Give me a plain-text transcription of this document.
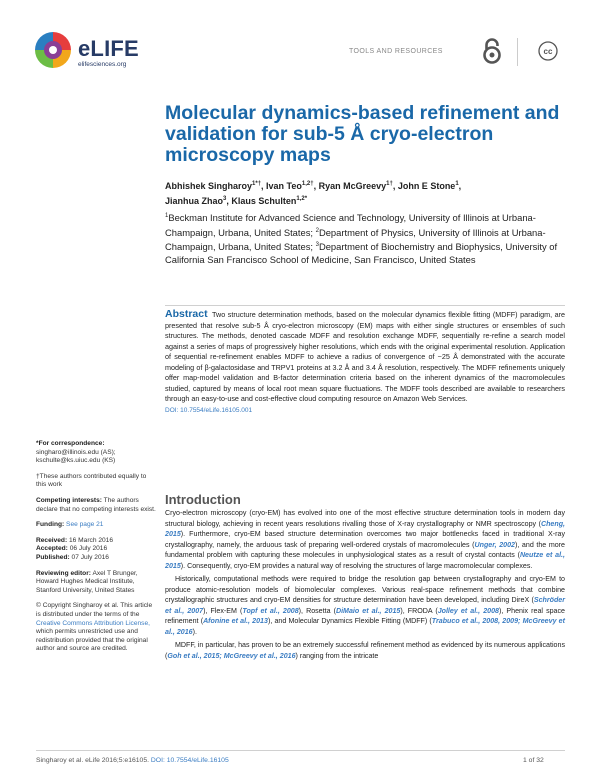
eLIFE
elifesciences.org
TOOLS AND RESOURCES	cc
Molecular dynamics-based refinement and validation for sub-5 Å cryo-electron microscopy maps
Abhishek Singharoy$^{1*\dagger}$, Ivan Teo$^{1,2\dagger}$, Ryan McGreevy$^{1\dagger}$, John E Stone$^1$,
Jianhua Zhao$^3$, Klaus Schulten$^{1,2*}$
$^1$Beckman Institute for Advanced Science and Technology, University of Illinois at Urbana-Champaign, Urbana, United States; $^2$Department of Physics, University of Illinois at Urbana-Champaign, Urbana, United States; $^3$Department of Biochemistry and Biophysics, University of California San Francisco School of Medicine, San Francisco, United States
Abstract Two structure determination methods, based on the molecular dynamics flexible fitting (MDFF) paradigm, are presented that resolve sub-5 Å cryo-electron microscopy (EM) maps with either single structures or ensembles of such structures. The methods, denoted cascade MDFF and resolution exchange MDFF, sequentially re-refine a search model against a series of maps of progressively higher resolutions, which ends with the original experimental resolution. Application of sequential re-refinement enables MDFF to achieve a radius of convergence of ~25 Å demonstrated with the accurate modeling of β-galactosidase and TRPV1 proteins at 3.2 Å and 3.4 Å resolution, respectively. The MDFF refinements uniquely offer map-model validation and B-factor determination criteria based on the inherent dynamics of the macromolecules studied, captured by means of local root mean square fluctuations. The MDFF tools described are available to researchers through an easy-to-use and cost-effective cloud computing resource on Amazon Web Services.
DOI: 10.7554/eLife.16105.001
*For correspondence: singharo@illinois.edu (AS); kschulte@ks.uiuc.edu (KS)
†These authors contributed equally to this work
Competing interests: The authors declare that no competing interests exist.
Funding: See page 21
Received: 16 March 2016
Accepted: 06 July 2016
Published: 07 July 2016
Reviewing editor: Axel T Brunger, Howard Hughes Medical Institute, Stanford University, United States
© Copyright Singharoy et al. This article is distributed under the terms of the Creative Commons Attribution License, which permits unrestricted use and redistribution provided that the original author and source are credited.
Introduction

Cryo-electron microscopy (cryo-EM) has evolved into one of the most effective structure determination tools in modern day structural biology, achieving in recent years resolutions rivalling those of X-ray crystallography or NMR spectroscopy (Cheng, 2015). Furthermore, cryo-EM based structure determination overcomes two major bottlenecks faced in traditional X-ray crystallography, namely, the arduous task of preparing well-ordered crystals of macromolecules (Unger, 2002), and the more fundamental problem with capturing these molecules in unphysiological states as a result of crystal contacts (Neutze et al., 2015). Consequently, cryo-EM provides a natural way of resolving the structures of large macromolecular complexes.

Historically, computational methods were required to bridge the resolution gap between crystallography and cryo-EM to produce atomic-resolution models of biomolecular complexes. Various real-space refinement methods that combine crystallographic structures and cryo-EM densities for structure determination have been developed, including DireX (Schröder et al., 2007), Flex-EM (Topf et al., 2008), Rosetta (DiMaio et al., 2015), FRODA (Jolley et al., 2008), Phenix real space refinement (Afonine et al., 2013), and Molecular Dynamics Flexible Fitting (MDFF) (Trabuco et al., 2008, 2009; McGreevy et al., 2016).

MDFF, in particular, has proven to be an extremely successful refinement method as evidenced by its numerous applications (Goh et al., 2015; McGreevy et al., 2016) ranging from the intricate

Singharoy et al. eLife 2016;5:e16105. DOI: 10.7554/eLife.16105	1 of 32
